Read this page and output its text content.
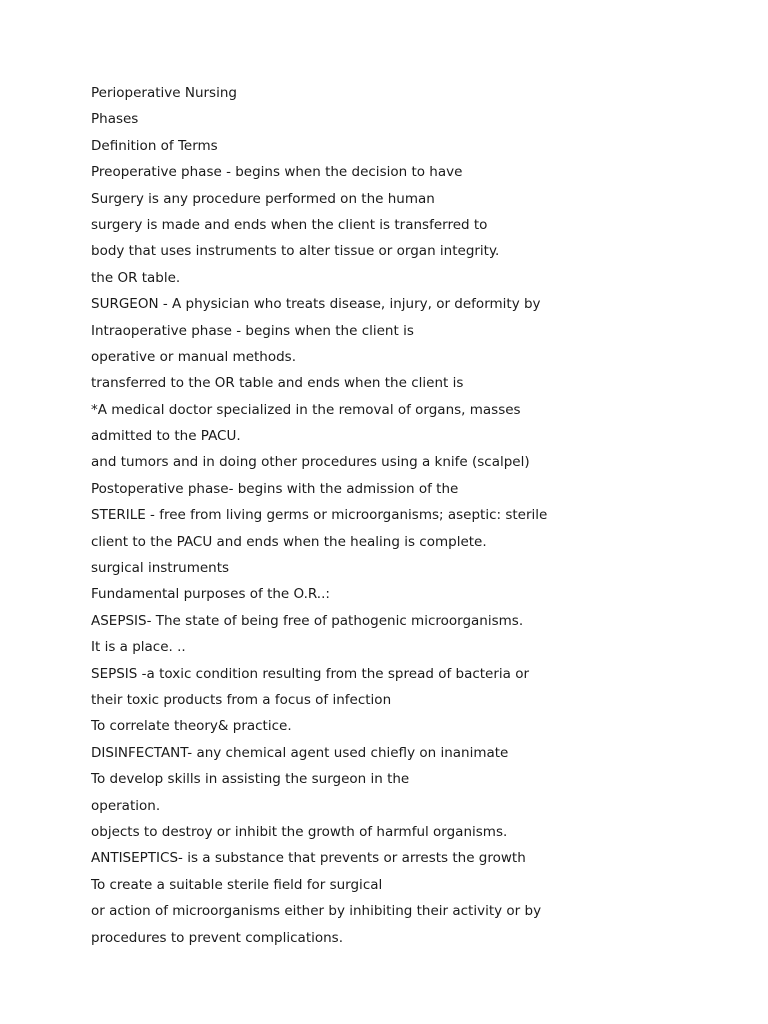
Perioperative Nursing
Phases
Definition of Terms
Preoperative phase - begins when the decision to have
Surgery is any procedure performed on the human
surgery is made and ends when the client is transferred to
body that uses instruments to alter tissue or organ integrity.
the OR table.
SURGEON - A physician who treats disease, injury, or deformity by
Intraoperative phase - begins when the client is
operative or manual methods.
transferred to the OR table and ends when the client is
*A medical doctor specialized in the removal of organs, masses
admitted to the PACU.
and tumors and in doing other procedures using a knife (scalpel)
Postoperative phase- begins with the admission of the
STERILE - free from living germs or microorganisms; aseptic: sterile
client to the PACU and ends when the healing is complete.
surgical instruments
Fundamental purposes of the O.R..:
ASEPSIS- The state of being free of pathogenic microorganisms.
It is a place. ..
SEPSIS -a toxic condition resulting from the spread of bacteria or
their toxic products from a focus of infection
To correlate theory& practice.
DISINFECTANT- any chemical agent used chiefly on inanimate
To develop skills in assisting the surgeon in the
operation.
objects to destroy or inhibit the growth of harmful organisms.
ANTISEPTICS- is a substance that prevents or arrests the growth
To create a suitable sterile field for surgical
or action of microorganisms either by inhibiting their activity or by
procedures to prevent complications.
